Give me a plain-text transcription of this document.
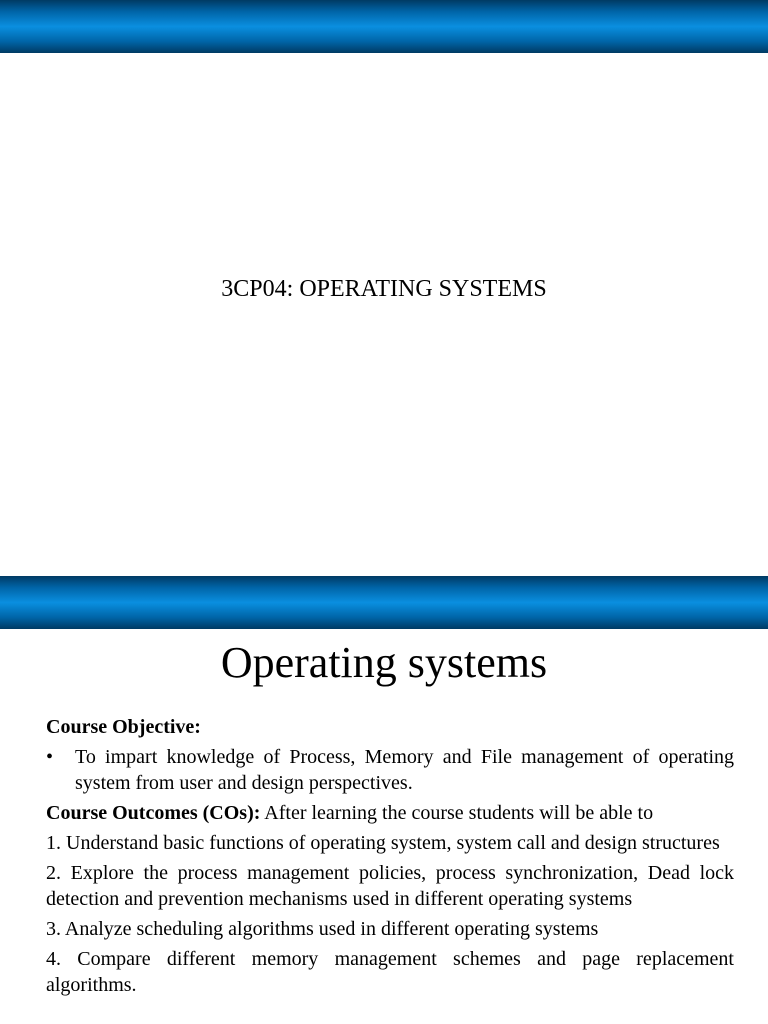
3CP04: OPERATING SYSTEMS
Operating systems

Course Objective:

•	To impart knowledge of Process, Memory and File management of operating system from user and design perspectives.

Course Outcomes (COs): After learning the course students will be able to

1. Understand basic functions of operating system, system call and design structures

2. Explore the process management policies, process synchronization, Dead lock detection and prevention mechanisms used in different operating systems

3. Analyze scheduling algorithms used in different operating systems

4. Compare different memory management schemes and page replacement algorithms.
